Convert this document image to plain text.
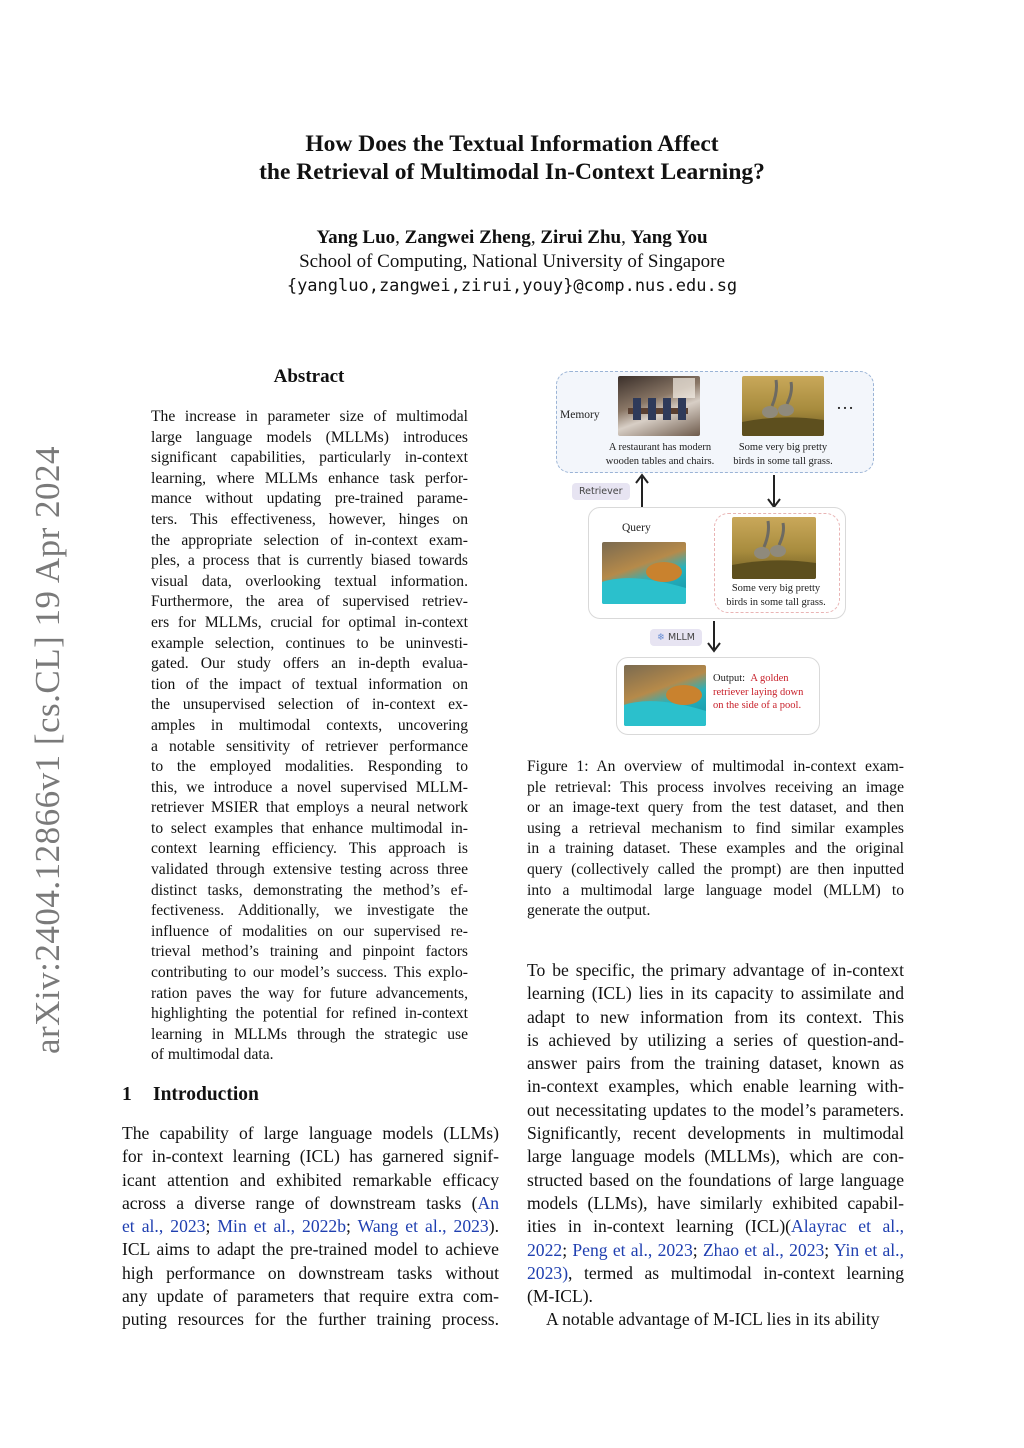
arXiv:2404.12866v1 [cs.CL] 19 Apr 2024
How Does the Textual Information Affect
the Retrieval of Multimodal In-Context Learning?
Yang Luo, Zangwei Zheng, Zirui Zhu, Yang You
School of Computing, National University of Singapore
{yangluo,zangwei,zirui,youy}@comp.nus.edu.sg
Abstract
The increase in parameter size of multimodal
large language models (MLLMs) introduces
significant capabilities, particularly in-context
learning, where MLLMs enhance task perfor-
mance without updating pre-trained parame-
ters. This effectiveness, however, hinges on
the appropriate selection of in-context exam-
ples, a process that is currently biased towards
visual data, overlooking textual information.
Furthermore, the area of supervised retriev-
ers for MLLMs, crucial for optimal in-context
example selection, continues to be uninvesti-
gated. Our study offers an in-depth evalua-
tion of the impact of textual information on
the unsupervised selection of in-context ex-
amples in multimodal contexts, uncovering
a notable sensitivity of retriever performance
to the employed modalities. Responding to
this, we introduce a novel supervised MLLM-
retriever MSIER that employs a neural network
to select examples that enhance multimodal in-
context learning efficiency. This approach is
validated through extensive testing across three
distinct tasks, demonstrating the method’s ef-
fectiveness. Additionally, we investigate the
influence of modalities on our supervised re-
trieval method’s training and pinpoint factors
contributing to our model’s success. This explo-
ration paves the way for future advancements,
highlighting the potential for refined in-context
learning in MLLMs through the strategic use
of multimodal data.
1 Introduction
The capability of large language models (LLMs)
for in-context learning (ICL) has garnered signif-
icant attention and exhibited remarkable efficacy
across a diverse range of downstream tasks (An
et al., 2023; Min et al., 2022b; Wang et al., 2023).
ICL aims to adapt the pre-trained model to achieve
high performance on downstream tasks without
any update of parameters that require extra com-
puting resources for the further training process.
Memory
A restaurant has modern
wooden tables and chairs.
Some very big pretty
birds in some tall grass.
…
Retriever
Query
Some very big pretty
birds in some tall grass.
❄ MLLM
Output: A golden
retriever laying down
on the side of a pool.
Figure 1: An overview of multimodal in-context exam-
ple retrieval: This process involves receiving an image
or an image-text query from the test dataset, and then
using a retrieval mechanism to find similar examples
in a training dataset. These examples and the original
query (collectively called the prompt) are then inputted
into a multimodal large language model (MLLM) to
generate the output.
To be specific, the primary advantage of in-context
learning (ICL) lies in its capacity to assimilate and
adapt to new information from its context. This
is achieved by utilizing a series of question-and-
answer pairs from the training dataset, known as
in-context examples, which enable learning with-
out necessitating updates to the model’s parameters.
Significantly, recent developments in multimodal
large language models (MLLMs), which are con-
structed based on the foundations of large language
models (LLMs), have similarly exhibited capabil-
ities in in-context learning (ICL)(Alayrac et al.,
2022; Peng et al., 2023; Zhao et al., 2023; Yin et al.,
2023), termed as multimodal in-context learning
(M-ICL).
A notable advantage of M-ICL lies in its ability
